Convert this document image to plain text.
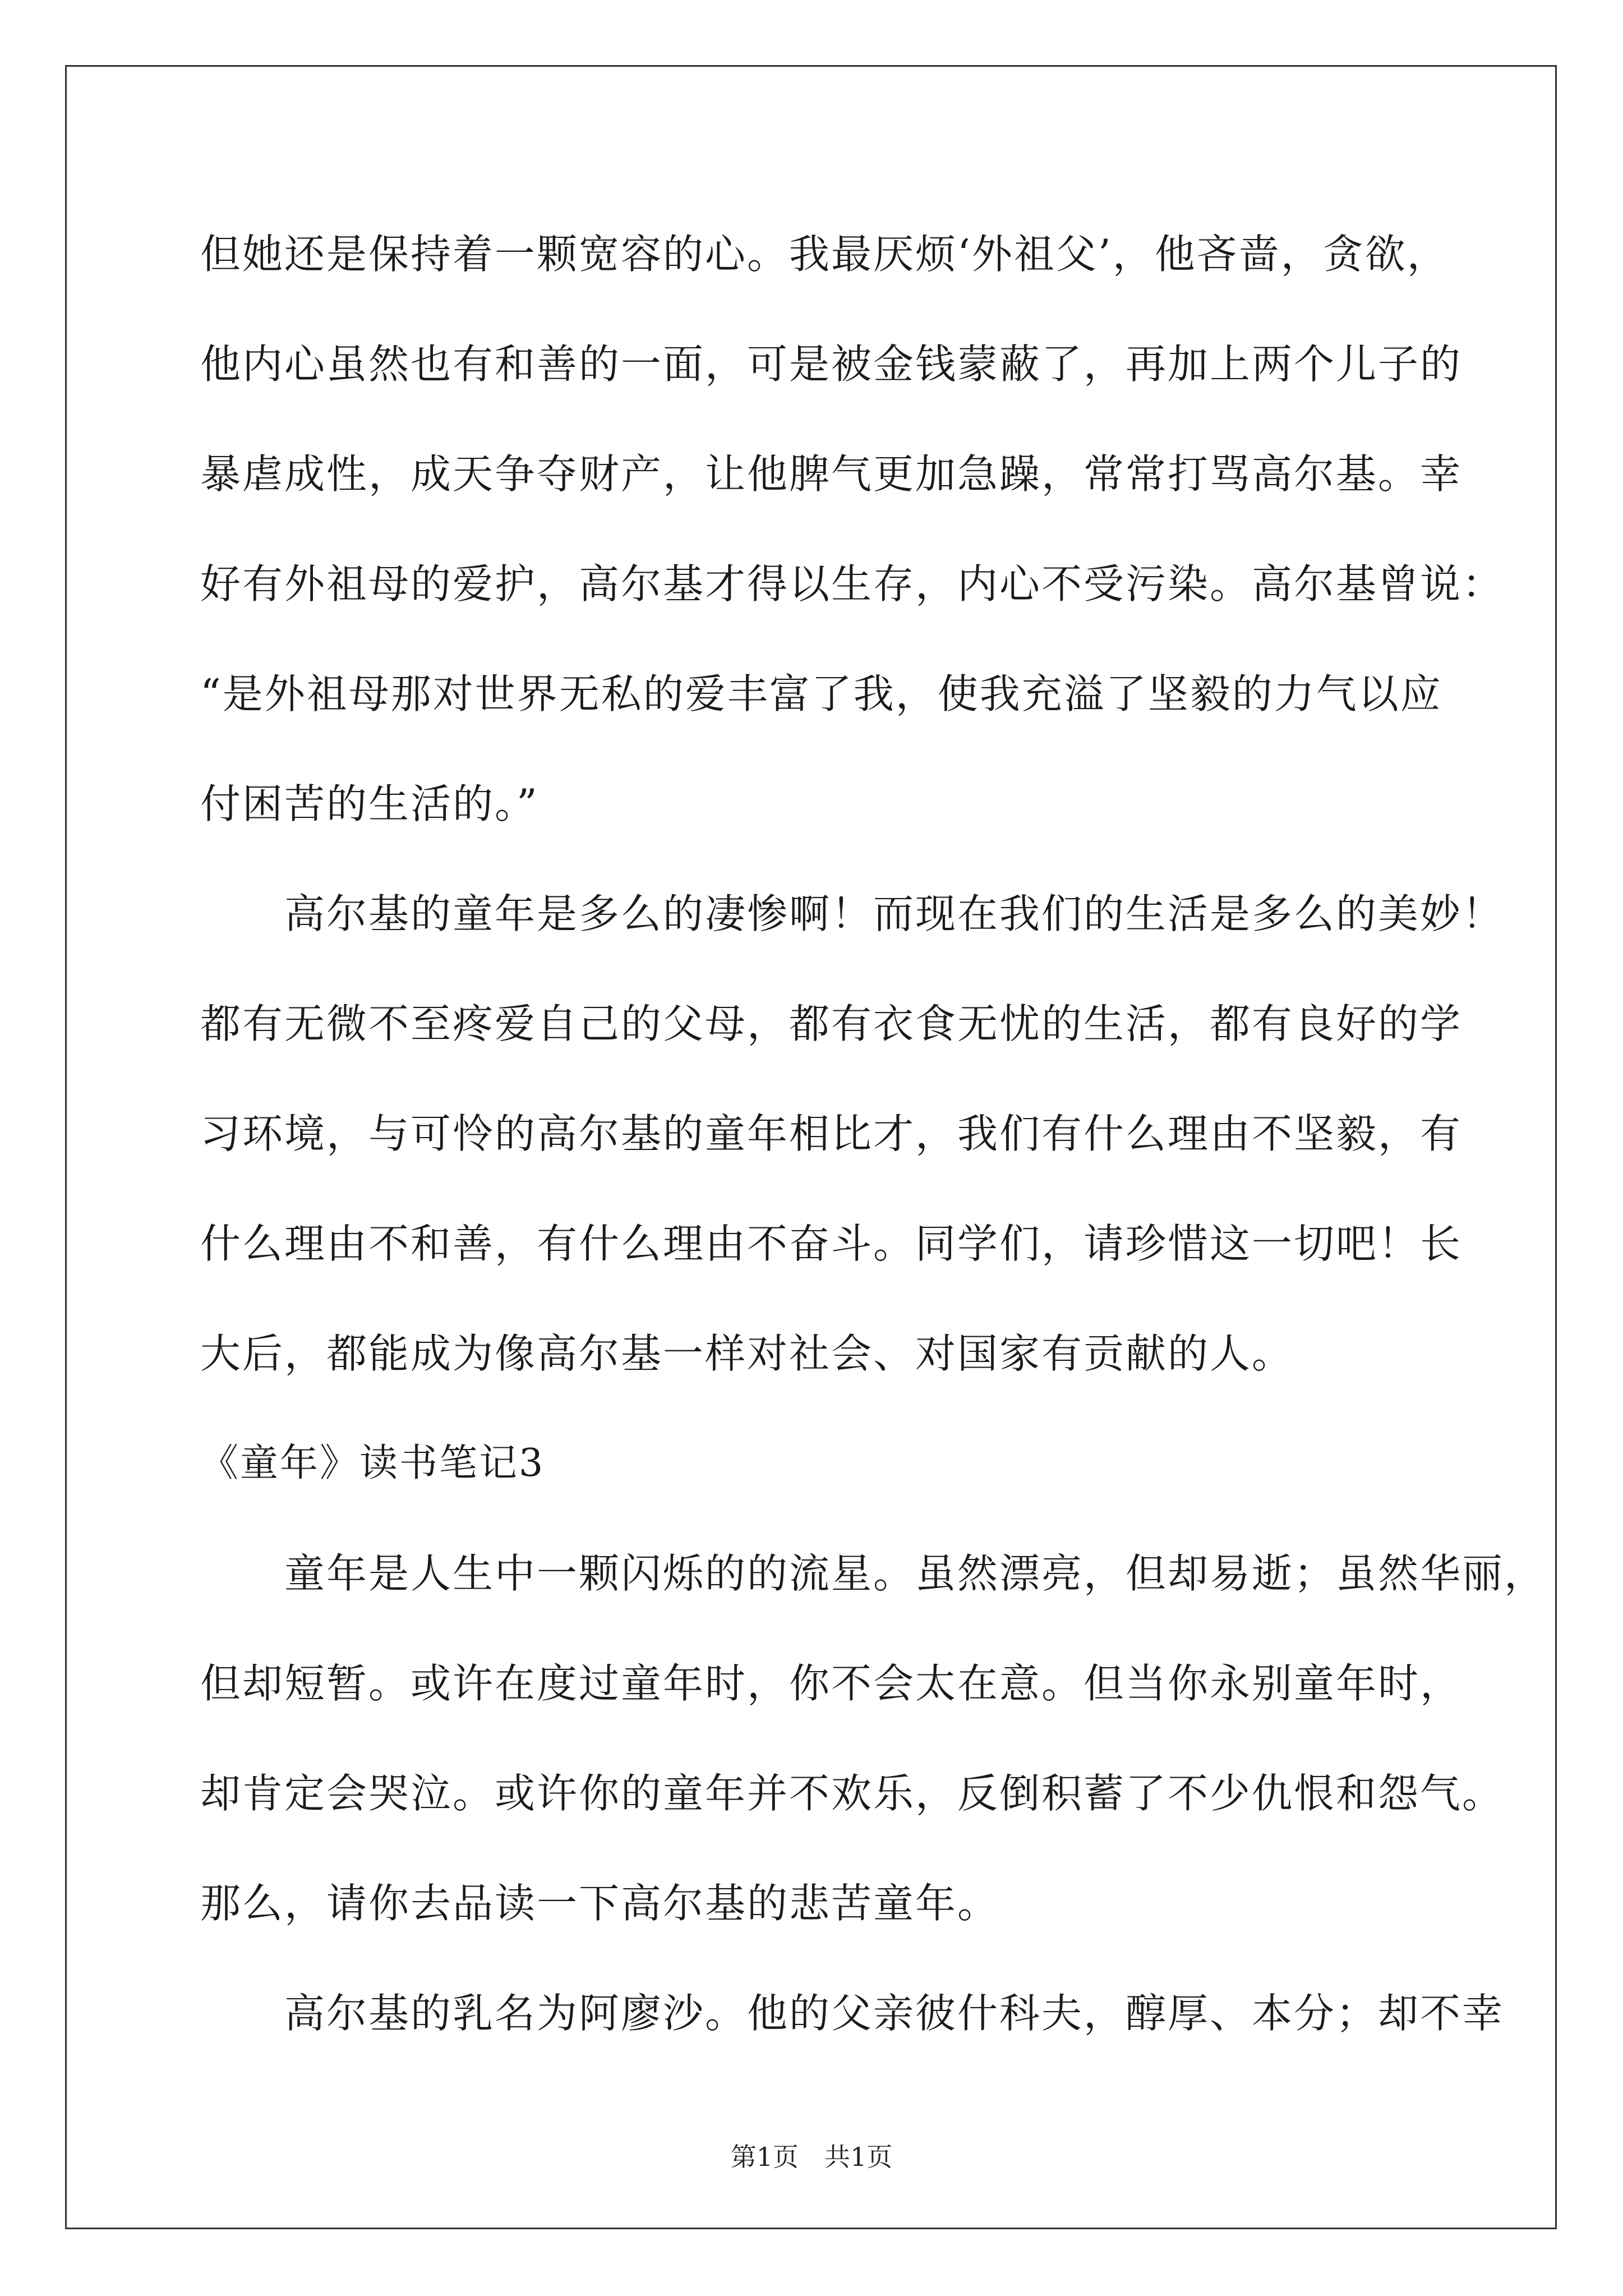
但她还是保持着一颗宽容的心。我最厌烦‘外祖父’，他吝啬，贪欲，
他内心虽然也有和善的一面，可是被金钱蒙蔽了，再加上两个儿子的
暴虐成性，成天争夺财产，让他脾气更加急躁，常常打骂高尔基。幸
好有外祖母的爱护，高尔基才得以生存，内心不受污染。高尔基曾说：
“是外祖母那对世界无私的爱丰富了我，使我充溢了坚毅的力气以应
付困苦的生活的。”
高尔基的童年是多么的凄惨啊！而现在我们的生活是多么的美妙！
都有无微不至疼爱自己的父母，都有衣食无忧的生活，都有良好的学
习环境，与可怜的高尔基的童年相比才，我们有什么理由不坚毅，有
什么理由不和善，有什么理由不奋斗。同学们，请珍惜这一切吧！长
大后，都能成为像高尔基一样对社会、对国家有贡献的人。
《童年》读书笔记3
童年是人生中一颗闪烁的的流星。虽然漂亮，但却易逝；虽然华丽，
但却短暂。或许在度过童年时，你不会太在意。但当你永别童年时，
却肯定会哭泣。或许你的童年并不欢乐，反倒积蓄了不少仇恨和怨气。
那么，请你去品读一下高尔基的悲苦童年。
高尔基的乳名为阿廖沙。他的父亲彼什科夫，醇厚、本分；却不幸
第1页　共1页
